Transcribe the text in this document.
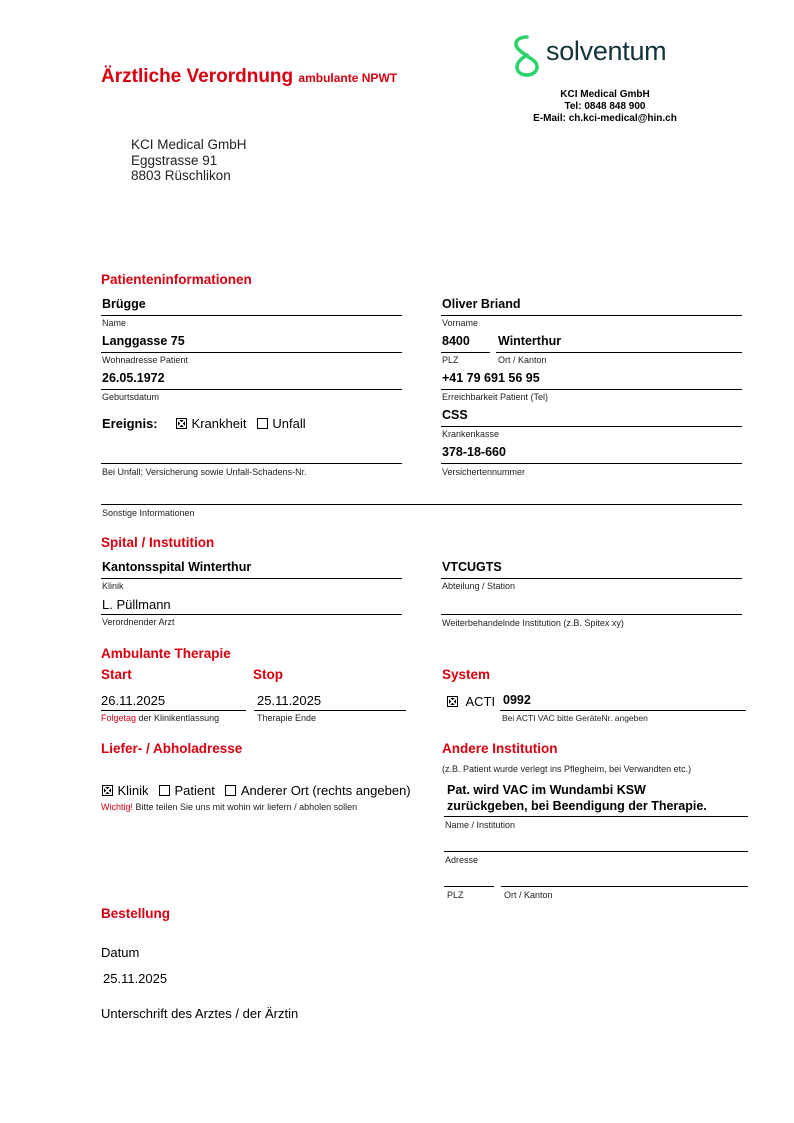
Ärztliche Verordnung ambulante NPWT
solventum
KCI Medical GmbH
Tel: 0848 848 900
E-Mail: ch.kci-medical@hin.ch
KCI Medical GmbH
Eggstrasse 91
8803 Rüschlikon
Patienteninformationen
Brügge
Name
Langgasse 75
Wohnadresse Patient
26.05.1972
Geburtsdatum
Ereignis:	Krankheit Unfall
Bei Unfall; Versicherung sowie Unfall-Schadens-Nr.
Sonstige Informationen
Oliver Briand
Vorname
8400
PLZ
Winterthur
Ort / Kanton
+41 79 691 56 95
Erreichbarkeit Patient (Tel)
CSS
Krankenkasse
378-18-660
Versichertennummer
Spital / Instutition
Kantonsspital Winterthur
Klinik
L. Püllmann
Verordnender Arzt
VTCUGTS
Abteilung / Station
Weiterbehandelnde Institution (z.B. Spitex xy)
Ambulante Therapie
Start	Stop	System
26.11.2025
Folgetag der Klinikentlassung
25.11.2025
Therapie Ende
ACTI 0992
Bei ACTI VAC bitte GeräteNr. angeben
Liefer- / Abholadresse
Klinik Patient Anderer Ort (rechts angeben)
Wichtig! Bitte teilen Sie uns mit wohin wir liefern / abholen sollen
Andere Institution
(z.B. Patient wurde verlegt ins Pflegheim, bei Verwandten etc.)
Pat. wird VAC im Wundambi KSW
zurückgeben, bei Beendigung der Therapie.
Name / Institution
Adresse
PLZ	Ort / Kanton
Bestellung
Datum
25.11.2025
Unterschrift des Arztes / der Ärztin
